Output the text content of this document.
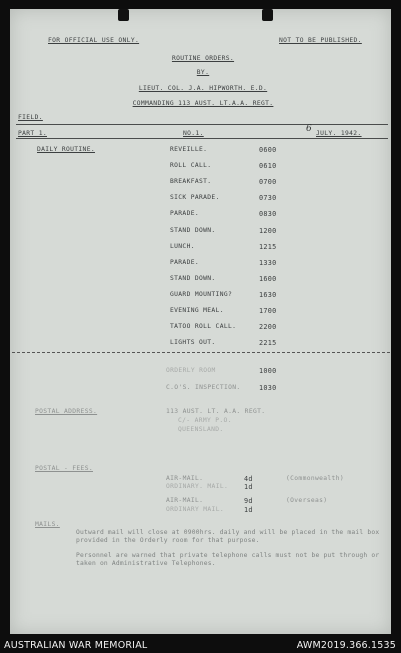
FOR OFFICIAL USE ONLY.	NOT TO BE PUBLISHED.
ROUTINE ORDERS.
BY.
LIEUT. COL. J.A. HIPWORTH. E.D.
COMMANDING 113 AUST. LT.A.A. REGT.
FIELD.
PART 1.	NO.1.	6 JULY. 1942.
DAILY ROUTINE.	REVEILLE.	0600
ROLL CALL.	0610
BREAKFAST.	0700
SICK PARADE.	0730
PARADE.	0830
STAND DOWN.	1200
LUNCH.	1215
PARADE.	1330
STAND DOWN.	1600
GUARD MOUNTING?	1630
EVENING MEAL.	1700
TATOO ROLL CALL.	2200
LIGHTS OUT.	2215
ORDERLY ROOM	1000
C.O'S. INSPECTION.	1030
POSTAL ADDRESS.	113 AUST. LT. A.A. REGT.
C/- ARMY P.O.
QUEENSLAND.
POSTAL - FEES.
AIR-MAIL.	4d	(Commonwealth)
ORDINARY. MAIL. 1d
AIR-MAIL.	9d	(Overseas)
ORDINARY MAIL.	1d
MAILS.
Outward mail will close at 0900hrs. daily and will be placed in the mail box provided in the Orderly room for that purpose.
Personnel are warned that private telephone calls must not be put through or taken on Administrative Telephones.
AUSTRALIAN WAR MEMORIAL	AWM2019.366.1535
